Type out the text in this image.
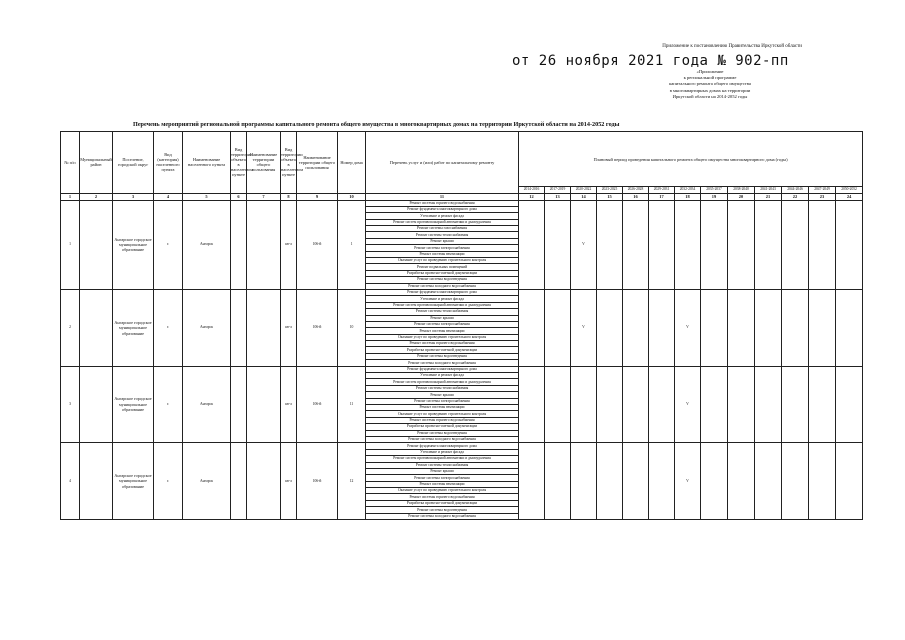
Приложение к постановлению Правительства Иркутской области
от 26 ноября 2021 года № 902-пп
«Приложение
к региональной программе
капитального ремонта общего имущества
в многоквартирных домах на территории
Иркутской области на 2014-2052 годы
Перечень мероприятий региональной программы капитального ремонта общего имущества в многоквартирных домах на территории Иркутской области на 2014-2052 годы
№ п/п	Муниципальный район	Поселение, городской округ	Вид (категория) населенного пункта	Наименование населенного пункта	Вид территории объекта в населенном пункте	Наименование территории общего пользования	Вид территории объекта в населенном пункте	Наименование территории общего пользования	Номер дома	Перечень услуг и (или) работ по капитальному ремонту	Плановый период проведения капитального ремонта общего имущества многоквартирного дома (годы)												
											2014-2016	2017-2019	2020-2022	2023-2025	2026-2028	2029-2031	2032-2034	2035-2037	2038-2040	2041-2043	2044-2046	2047-2049	2050-2052
1	2	3	4	5	6	7	8	9	10	11	12	13	14	15	16	17	18	19	20	21	22	23	24
1		Ангарское городское муниципальное образование	г.	Ангарск			кв-л	106-й	1	Ремонт системы горячего водоснабжения			V										
										Ремонт фундамента многоквартирного дома													
										Утепление и ремонт фасада													
										Ремонт систем противопожарной автоматики и дымоудаления													
										Ремонт системы газоснабжения													
										Ремонт системы теплоснабжения													
										Ремонт крыши													
										Ремонт системы электроснабжения													
										Ремонт системы вентиляции													
										Оказание услуг по проведению строительного контроля													
										Ремонт подвальных помещений													
										Разработка проектно-сметной документации													
										Ремонт системы водоотведения													
										Ремонт системы холодного водоснабжения													
2		Ангарское городское муниципальное образование	г.	Ангарск			кв-л	106-й	10	Ремонт фундамента многоквартирного дома			V				V						
										Утепление и ремонт фасада													
										Ремонт систем противопожарной автоматики и дымоудаления													
										Ремонт системы теплоснабжения													
										Ремонт крыши													
										Ремонт системы электроснабжения													
										Ремонт системы вентиляции													
										Оказание услуг по проведению строительного контроля													
										Ремонт системы горячего водоснабжения													
										Разработка проектно-сметной документации													
										Ремонт системы водоотведения													
										Ремонт системы холодного водоснабжения													
3		Ангарское городское муниципальное образование	г.	Ангарск			кв-л	106-й	11	Ремонт фундамента многоквартирного дома							V						
										Утепление и ремонт фасада													
										Ремонт систем противопожарной автоматики и дымоудаления													
										Ремонт системы теплоснабжения													
										Ремонт крыши													
										Ремонт системы электроснабжения													
										Ремонт системы вентиляции													
										Оказание услуг по проведению строительного контроля													
										Ремонт системы горячего водоснабжения													
										Разработка проектно-сметной документации													
										Ремонт системы водоотведения													
										Ремонт системы холодного водоснабжения													
4		Ангарское городское муниципальное образование	г.	Ангарск			кв-л	106-й	12	Ремонт фундамента многоквартирного дома							V						
										Утепление и ремонт фасада													
										Ремонт систем противопожарной автоматики и дымоудаления													
										Ремонт системы теплоснабжения													
										Ремонт крыши													
										Ремонт системы электроснабжения													
										Ремонт системы вентиляции													
										Оказание услуг по проведению строительного контроля													
										Ремонт системы горячего водоснабжения													
										Разработка проектно-сметной документации													
										Ремонт системы водоотведения													
										Ремонт системы холодного водоснабжения													
